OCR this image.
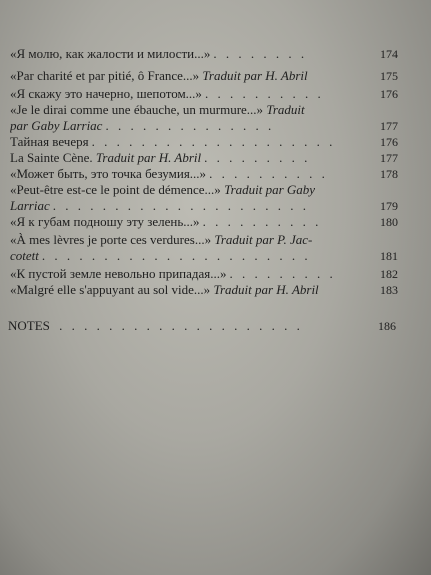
«Я молю, как жалости и милости...» . . . . . . . .	174
«Par charité et par pitié, ô France...» Traduit par H. Abril	175
«Я скажу это начерно, шепотом...» . . . . . . . . . .	176
«Je le dirai comme une ébauche, un murmure...» Traduit
par Gaby Larriac . . . . . . . . . . . . . .	177
Тайная вечеря . . . . . . . . . . . . . . . . . . . .	176
La Sainte Cène. Traduit par H. Abril . . . . . . . . .	177
«Может быть, это точка безумия...» . . . . . . . . . .	178
«Peut-être est-ce le point de démence...» Traduit par Gaby
Larriac . . . . . . . . . . . . . . . . . . . . .	179
«Я к губам подношу эту зелень...» . . . . . . . . . .	180
«À mes lèvres je porte ces verdures...» Traduit par P. Jac-
cotett . . . . . . . . . . . . . . . . . . . . . .	181
«К пустой земле невольно припадая...» . . . . . . . . .	182
«Malgré elle s'appuyant au sol vide...» Traduit par H. Abril	183
NOTES . . . . . . . . . . . . . . . . . . . .	186
